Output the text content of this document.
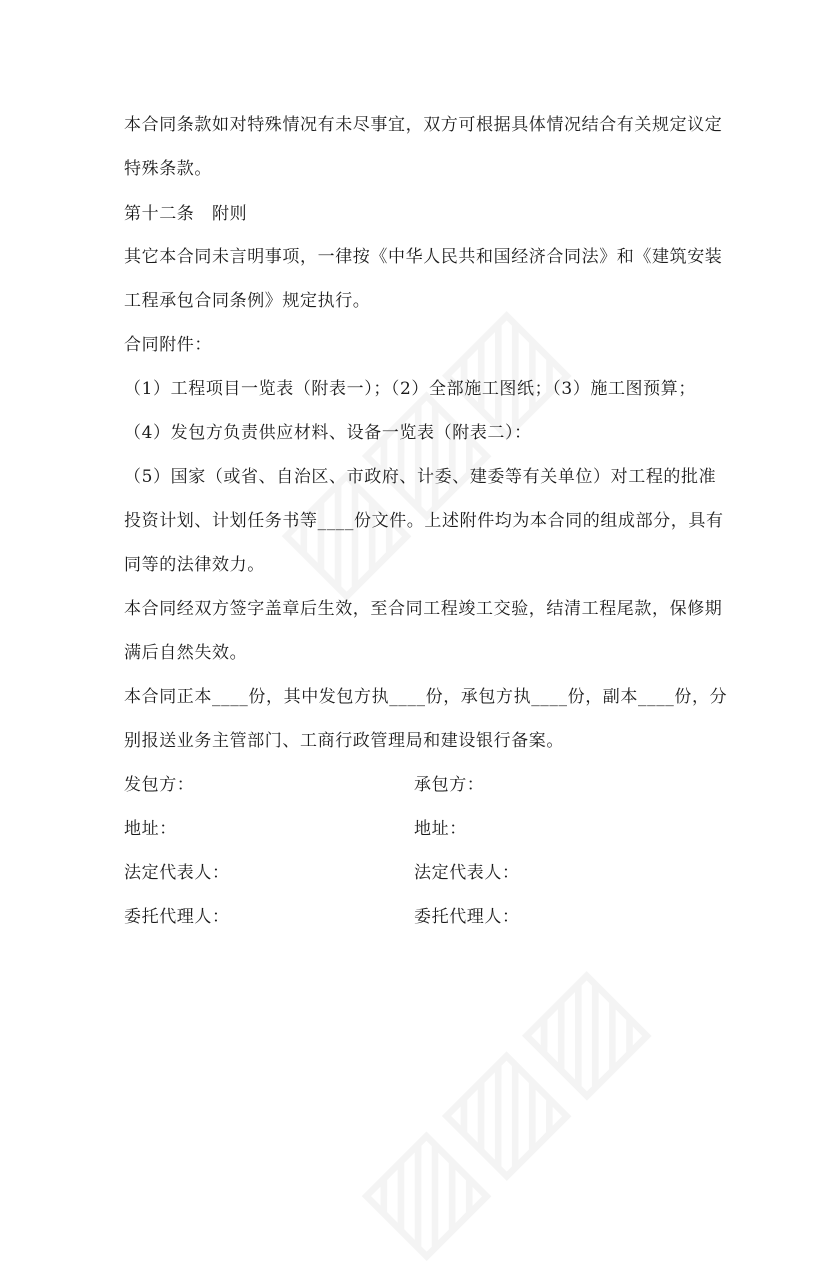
本合同条款如对特殊情况有未尽事宜，双方可根据具体情况结合有关规定议定
特殊条款。
第十二条　附则
其它本合同未言明事项，一律按《中华人民共和国经济合同法》和《建筑安装
工程承包合同条例》规定执行。
合同附件：
（1）工程项目一览表（附表一）；（2）全部施工图纸；（3）施工图预算；
（4）发包方负责供应材料、设备一览表（附表二）：
（5）国家（或省、自治区、市政府、计委、建委等有关单位）对工程的批准
投资计划、计划任务书等____份文件。上述附件均为本合同的组成部分，具有
同等的法律效力。
本合同经双方签字盖章后生效，至合同工程竣工交验，结清工程尾款，保修期
满后自然失效。
本合同正本____份，其中发包方执____份，承包方执____份，副本____份，分
别报送业务主管部门、工商行政管理局和建设银行备案。
发包方：	承包方：
地址：	地址：
法定代表人：	法定代表人：
委托代理人：	委托代理人：
